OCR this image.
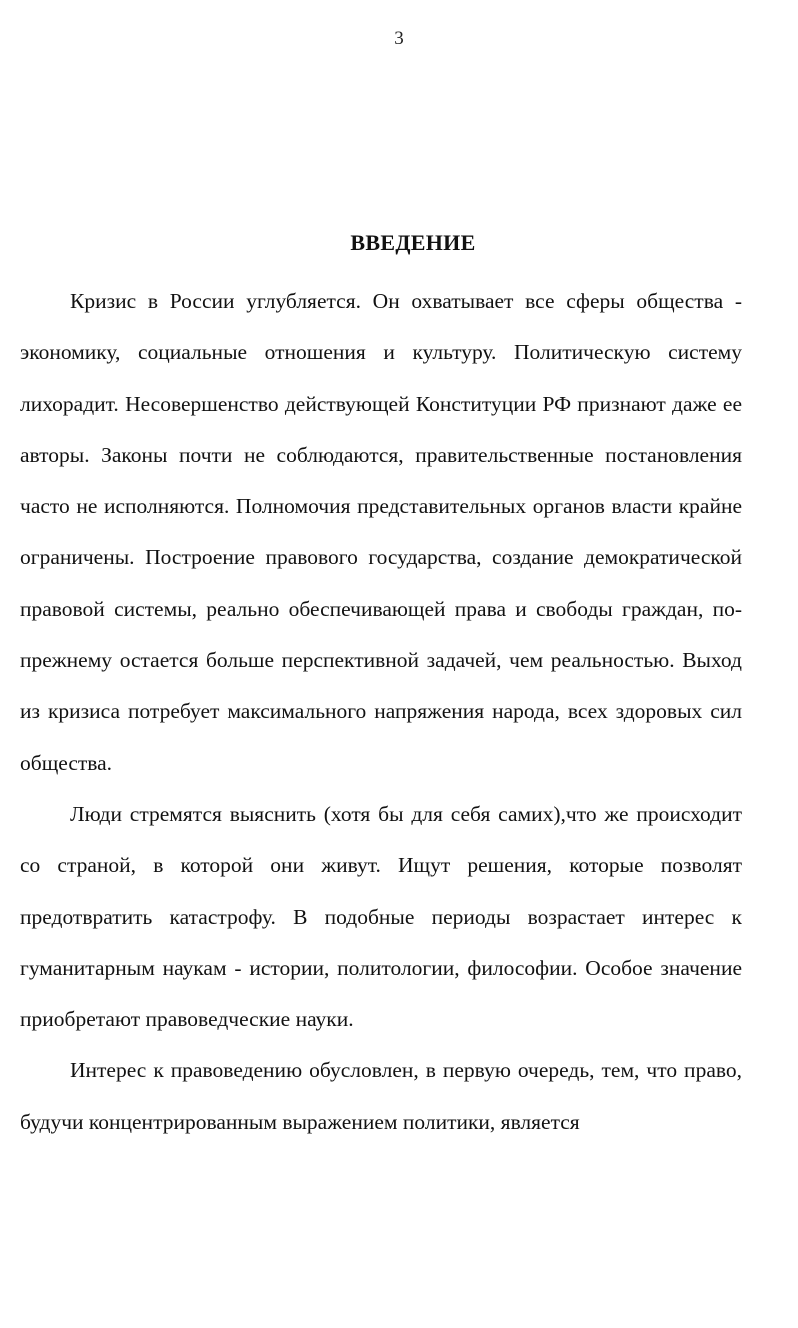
3
ВВЕДЕНИЕ

Кризис в России углубляется. Он охватывает все сферы общества - экономику, социальные отношения и культуру. Политическую систему лихорадит. Несовершенство действующей Конституции РФ признают даже ее авторы. Законы почти не соблюдаются, правительственные постановления часто не исполняются. Полномочия представительных органов власти крайне ограничены. Построение правового государства, создание демократической правовой системы, реально обеспечивающей права и свободы граждан, по-прежнему остается больше перспективной задачей, чем реальностью. Выход из кризиса потребует максимального напряжения народа, всех здоровых сил общества.

Люди стремятся выяснить (хотя бы для себя самих),что же происходит со страной, в которой они живут. Ищут решения, которые позволят предотвратить катастрофу. В подобные периоды возрастает интерес к гуманитарным наукам - истории, политологии, философии. Особое значение приобретают правоведческие науки.

Интерес к правоведению обусловлен, в первую очередь, тем, что право, будучи концентрированным выражением политики, является
